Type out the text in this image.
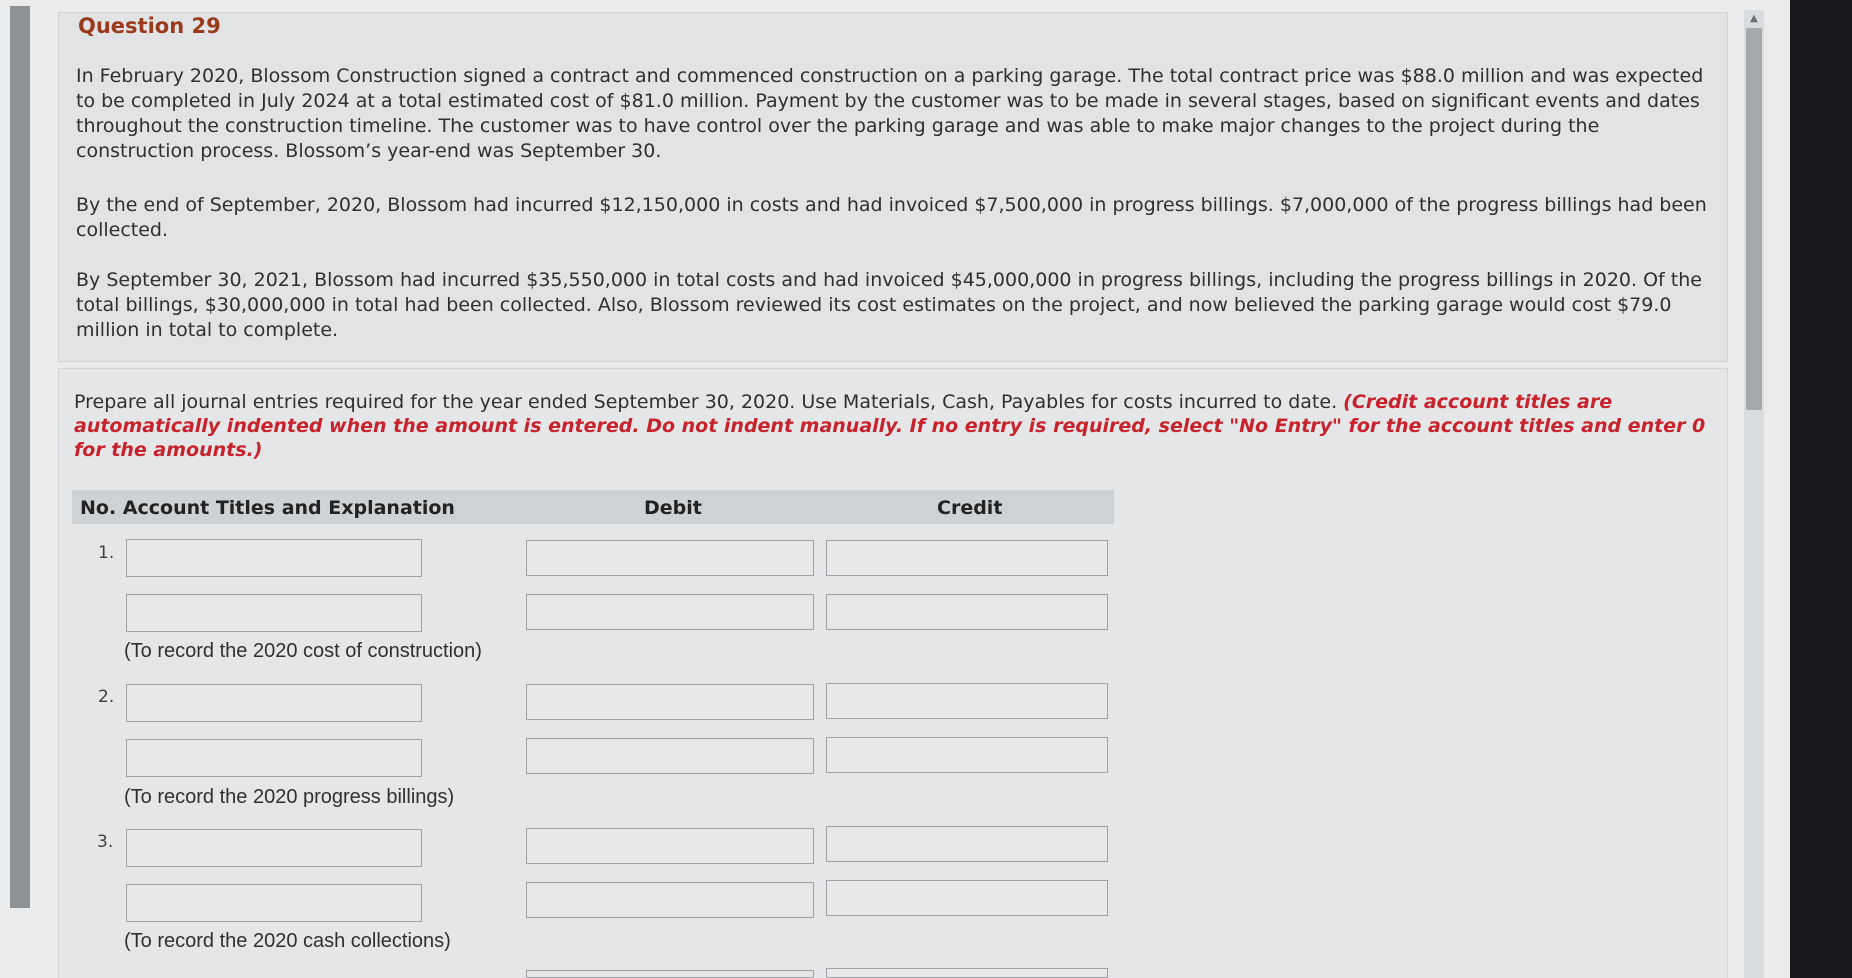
Question 29

In February 2020, Blossom Construction signed a contract and commenced construction on a parking garage. The total contract price was $88.0 million and was expected to be completed in July 2024 at a total estimated cost of $81.0 million. Payment by the customer was to be made in several stages, based on significant events and dates throughout the construction timeline. The customer was to have control over the parking garage and was able to make major changes to the project during the construction process. Blossom’s year-end was September 30.

By the end of September, 2020, Blossom had incurred $12,150,000 in costs and had invoiced $7,500,000 in progress billings. $7,000,000 of the progress billings had been collected.

By September 30, 2021, Blossom had incurred $35,550,000 in total costs and had invoiced $45,000,000 in progress billings, including the progress billings in 2020. Of the total billings, $30,000,000 in total had been collected. Also, Blossom reviewed its cost estimates on the project, and now believed the parking garage would cost $79.0 million in total to complete.

Prepare all journal entries required for the year ended September 30, 2020. Use Materials, Cash, Payables for costs incurred to date. (Credit account titles are automatically indented when the amount is entered. Do not indent manually. If no entry is required, select "No Entry" for the account titles and enter 0 for the amounts.)

No. Account Titles and Explanation	Debit	Credit
1.
(To record the 2020 cost of construction)
2.
(To record the 2020 progress billings)
3.
(To record the 2020 cash collections)
▲
